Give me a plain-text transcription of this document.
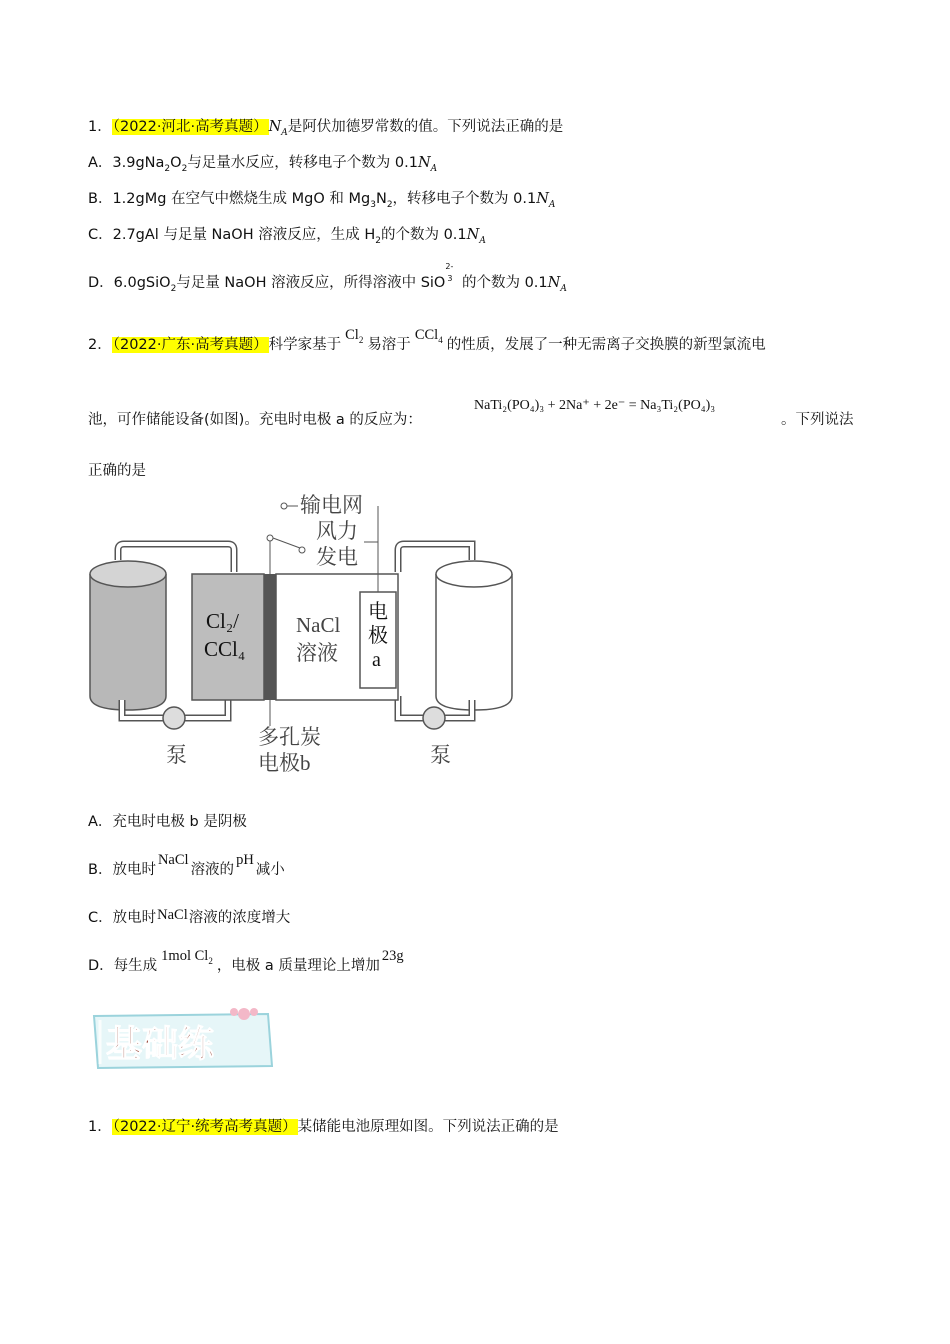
1．（2022·河北·高考真题）$N_A$是阿伏加德罗常数的值。下列说法正确的是
A．$3.9gNa_2O_2$与足量水反应，转移电子个数为 $0.1N_A$
B．1.2gMg 在空气中燃烧生成 MgO 和 $Mg_3N_2$，转移电子个数为 $0.1N_A$
C．2.7gAl 与足量 NaOH 溶液反应，生成 $H_2$的个数为 $0.1N_A$
D．6.0gSiO$_2$与足量 NaOH 溶液反应，所得溶液中 SiO
2-
3 的个数为 $0.1N_A$
2．（2022·广东·高考真题）科学家基于$Cl_2$ 易溶于CCl$_4$ 的性质，发展了一种无需离子交换膜的新型氯流电
池，可作储能设备(如图)。充电时电极 a 的反应为：
NaTi₂(PO₄)₃ + 2Na⁺ + 2e⁻ = Na₃Ti₂(PO₄)₃
。下列说法
正确的是
输电网
风力
发电
Cl₂/
CCl₄
NaCl
溶液
电
极
a
多孔炭
电极b
泵	泵
A．充电时电极 b 是阴极
B．放电时NaCl溶液的pH减小
C．放电时NaCl溶液的浓度增大
D．每生成1mol $Cl_2$ ，电极 a 质量理论上增加23g
基础练
1．（2022·辽宁·统考高考真题）某储能电池原理如图。下列说法正确的是
